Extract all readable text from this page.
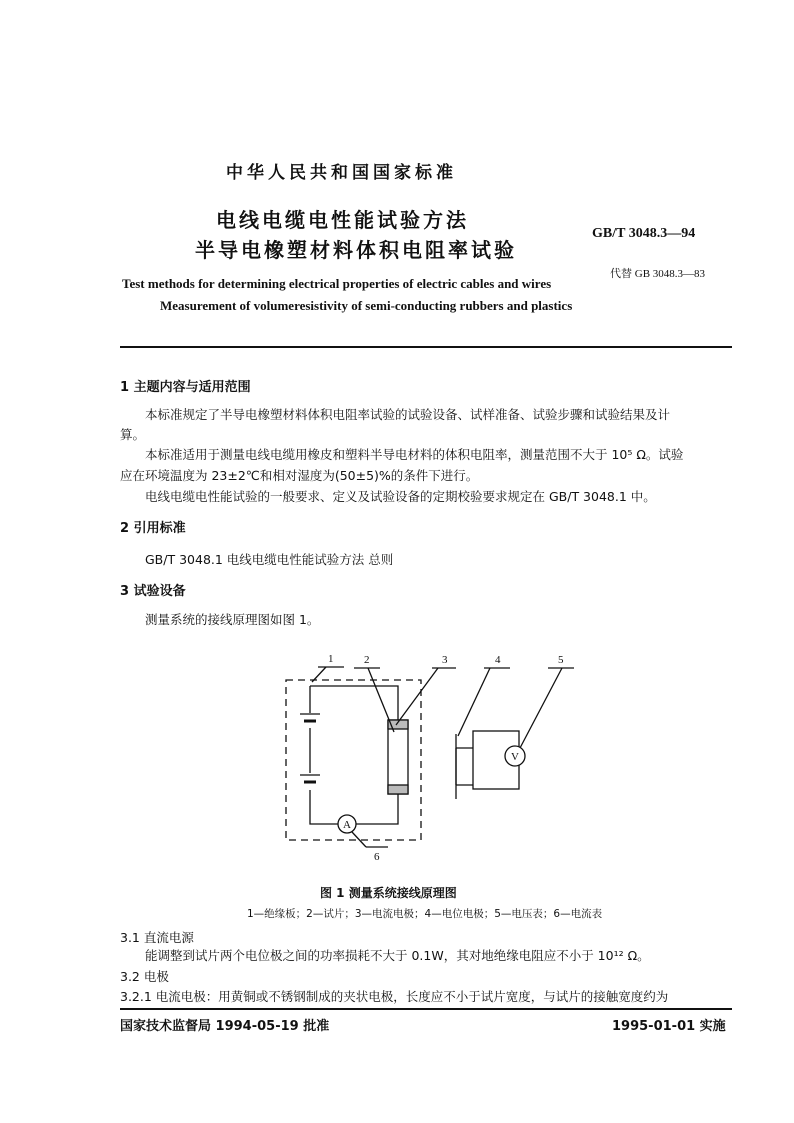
中华人民共和国国家标准
电线电缆电性能试验方法
半导电橡塑材料体积电阻率试验
GB/T 3048.3—94
代替 GB 3048.3—83
Test methods for determining electrical properties of electric cables and wires
Measurement of volumeresistivity of semi-conducting rubbers and plastics
1 主题内容与适用范围
本标准规定了半导电橡塑材料体积电阻率试验的试验设备、试样准备、试验步骤和试验结果及计
算。
本标准适用于测量电线电缆用橡皮和塑料半导电材料的体积电阻率，测量范围不大于 10⁵ Ω。试验
应在环境温度为 23±2℃和相对湿度为(50±5)%的条件下进行。
电线电缆电性能试验的一般要求、定义及试验设备的定期校验要求规定在 GB/T 3048.1 中。
2 引用标准
GB/T 3048.1 电线电缆电性能试验方法 总则
3 试验设备
测量系统的接线原理图如图 1。
1	2	3	4	5
6
A
V
图 1 测量系统接线原理图
1—绝缘板；2—试片；3—电流电极；4—电位电极；5—电压表；6—电流表
3.1 直流电源
能调整到试片两个电位极之间的功率损耗不大于 0.1W，其对地绝缘电阻应不小于 10¹² Ω。
3.2 电极
3.2.1 电流电极：用黄铜或不锈钢制成的夹状电极，长度应不小于试片宽度，与试片的接触宽度约为
国家技术监督局 1994-05-19 批准	1995-01-01 实施
